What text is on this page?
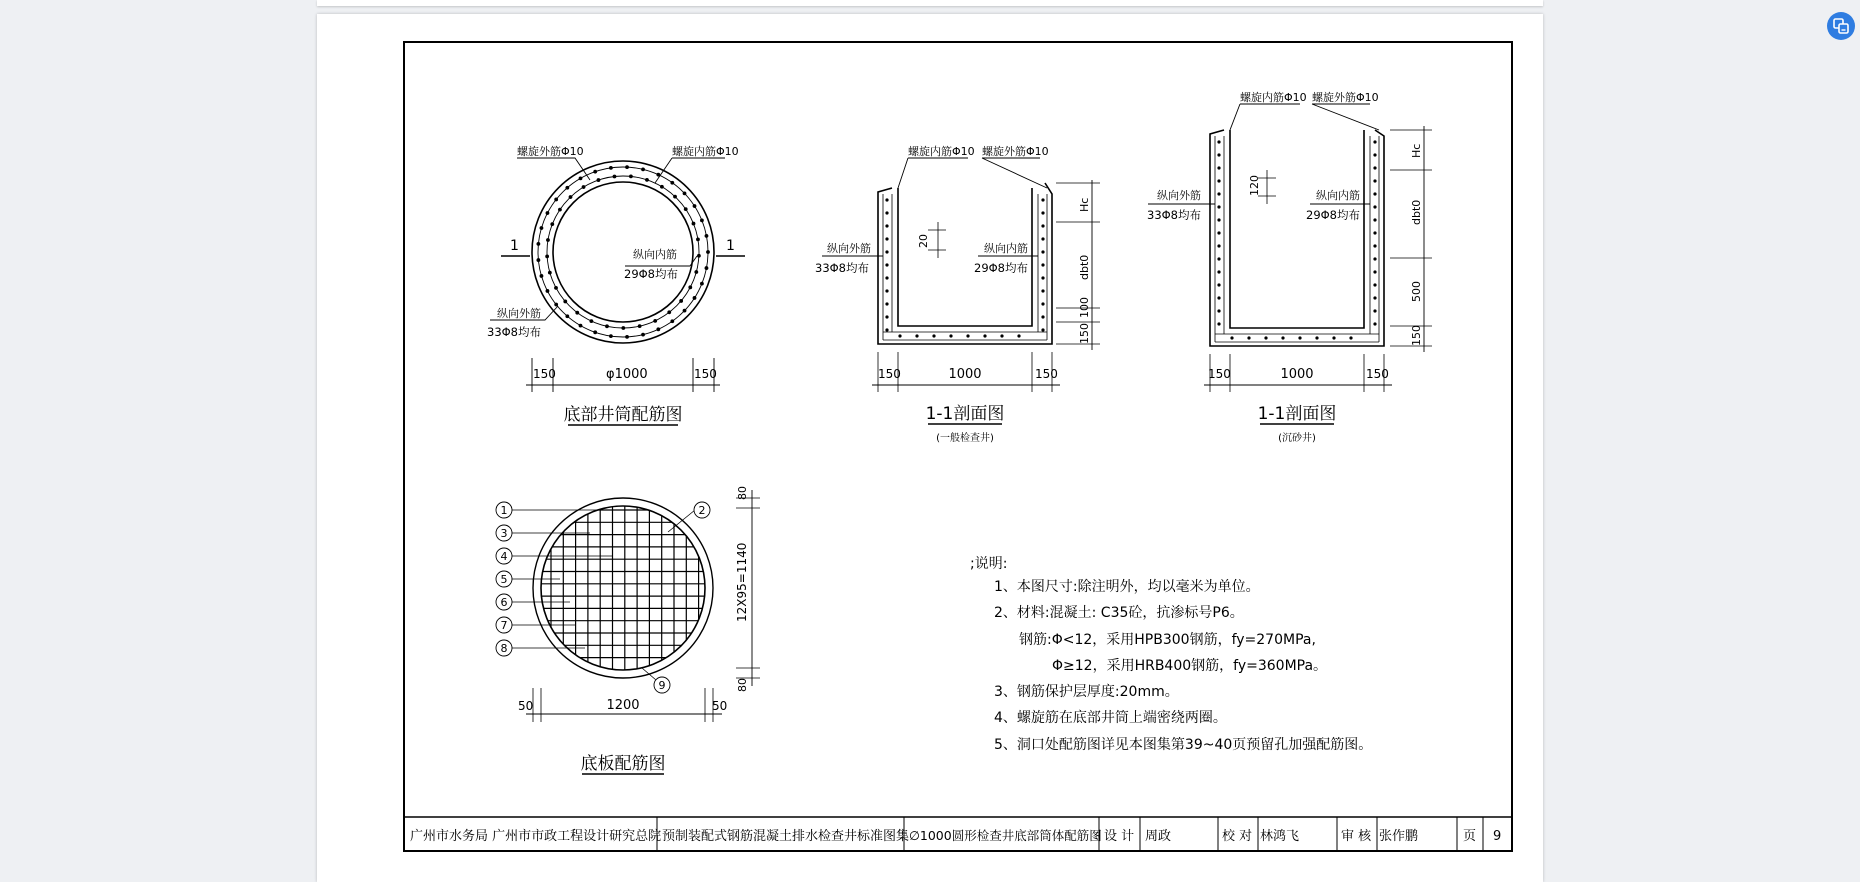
1	1
螺旋外筋Φ10	螺旋内筋Φ10
纵向内筋
29Φ8均布
纵向外筋
33Φ8均布
150	φ1000	150
底部井筒配筋图
20
螺旋内筋Φ10 螺旋外筋Φ10
纵向外筋
33Φ8均布
纵向内筋
29Φ8均布
Hc
dbt0
100
150
150	1000	150
1-1剖面图
(一般检查井)
120
螺旋内筋Φ10 螺旋外筋Φ10
纵向外筋
33Φ8均布
纵向内筋
29Φ8均布
Hc
dbt0
500
150
150	1000	150
1-1剖面图
(沉砂井)
1
3
4
5
6
7
8
2
9
80
12X95=1140
80
50	1200	50
底板配筋图
;说明:
1、本图尺寸:除注明外，均以毫米为单位。
2、材料:混凝土: C35砼，抗渗标号P6。
钢筋:Φ<12，采用HPB300钢筋，fy=270MPa,
Φ≥12，采用HRB400钢筋，fy=360MPa。
3、钢筋保护层厚度:20mm。
4、螺旋筋在底部井筒上端密绕两圈。
5、洞口处配筋图详见本图集第39~40页预留孔加强配筋图。
广州市水务局 广州市市政工程设计研究总院 预制装配式钢筋混凝土排水检查井标准图集 ∅1000圆形检查井底部筒体配筋图 设 计 周政	校 对 林鸿飞	审 核 张作鹏	页 9
